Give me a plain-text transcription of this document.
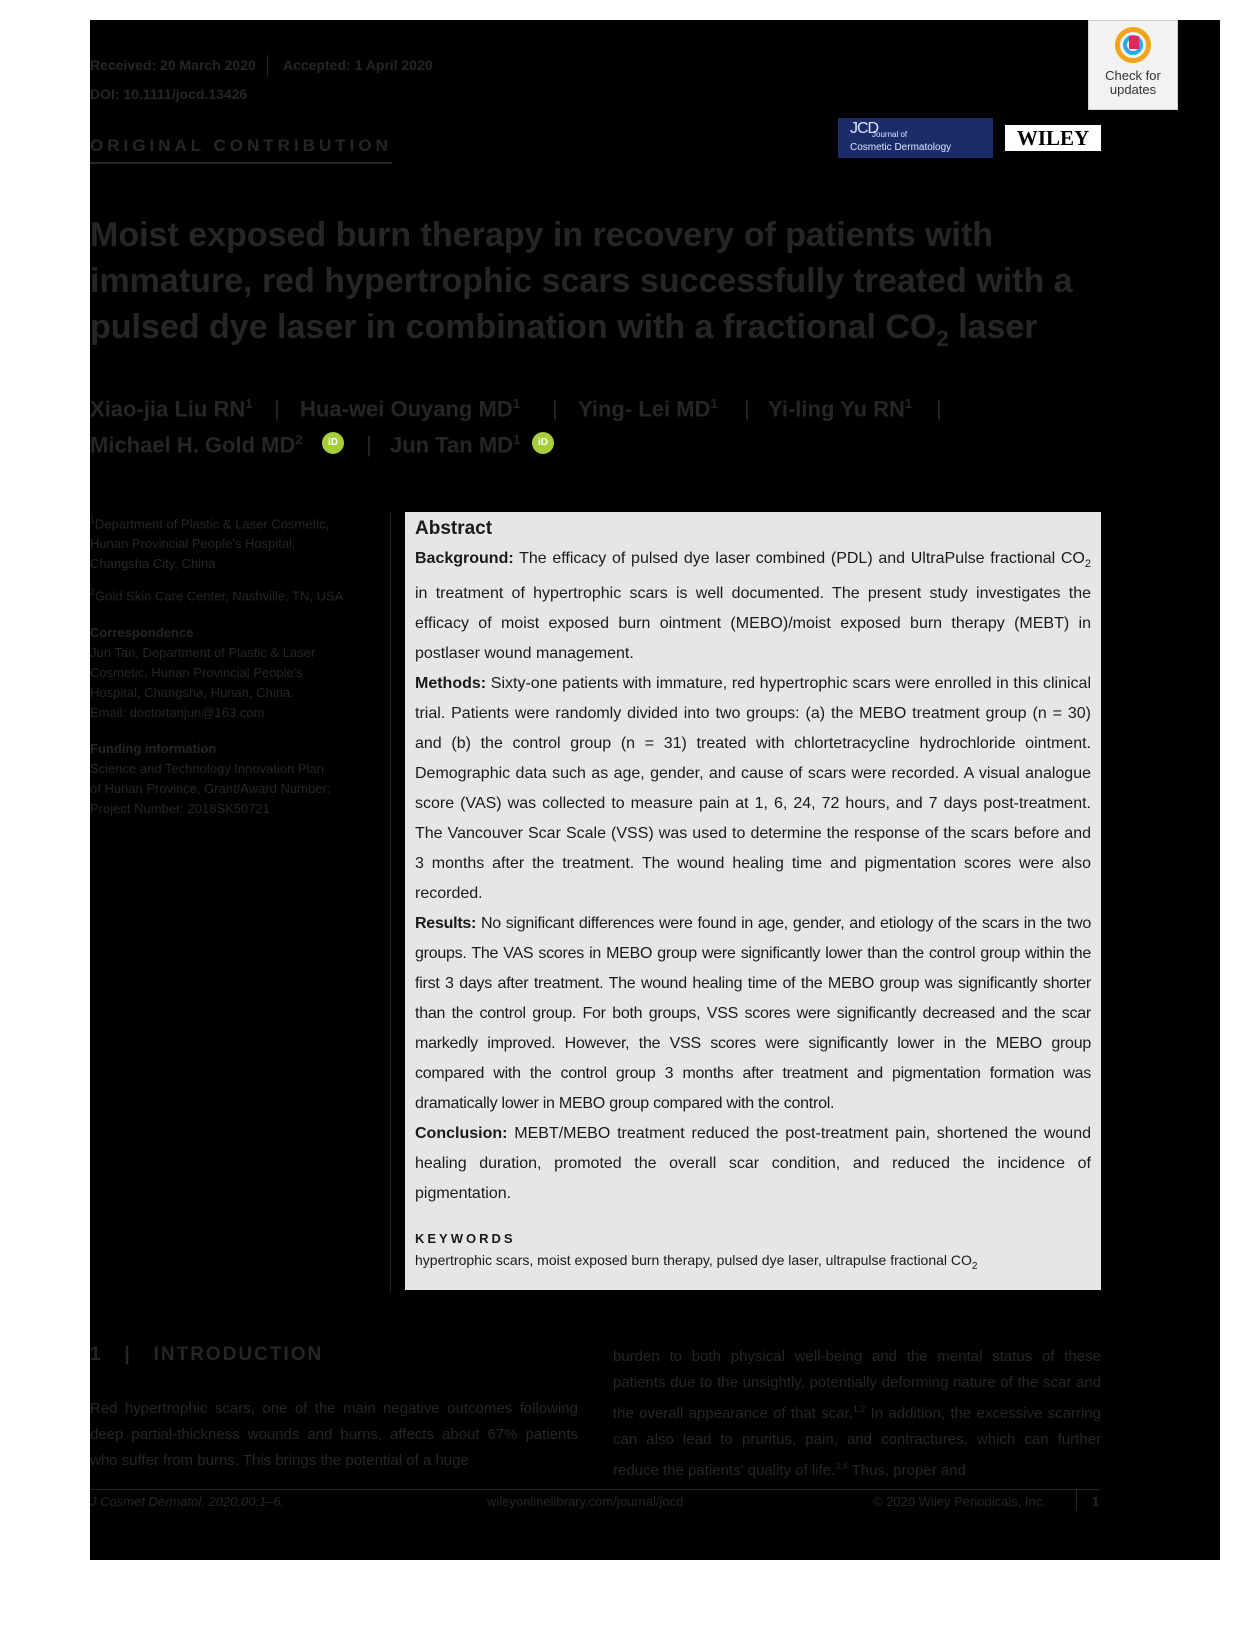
Received: 20 March 2020 Accepted: 1 April 2020
DOI: 10.1111/jocd.13426
Check for
updates
JCD
Journal of
Cosmetic Dermatology	WILEY
ORIGINAL CONTRIBUTION
Moist exposed burn therapy in recovery of patients with
immature, red hypertrophic scars successfully treated with a
pulsed dye laser in combination with a fractional $CO_2$ laser
Xiao-jia Liu $RN^1$ | Hua-wei Ouyang $MD^1$ | Ying- Lei $MD^1$ | Yi-ling Yu $RN^1$ |
Michael H. Gold $MD^2$	iD | Jun Tan $MD^1$	iD

$^1$Department of Plastic & Laser Cosmetic,

Hunan Provincial People's Hospital,

Changsha City, China

$^2$Gold Skin Care Center, Nashville, TN, USA

Correspondence

Jun Tan, Department of Plastic & Laser

Cosmetic, Hunan Provincial People's

Hospital, Changsha, Hunan, China.

Email: doctortanjun@163.com

Funding information

Science and Technology Innovation Plan

of Hunan Province, Grant/Award Number:

Project Number: 2018SK50721

Abstract

Background: The efficacy of pulsed dye laser combined (PDL) and UltraPulse fractional $CO_2$ in treatment of hypertrophic scars is well documented. The present study investigates the efficacy of moist exposed burn ointment (MEBO)/moist exposed burn therapy (MEBT) in postlaser wound management.

Methods: Sixty-one patients with immature, red hypertrophic scars were enrolled in this clinical trial. Patients were randomly divided into two groups: (a) the MEBO treatment group (n = 30) and (b) the control group (n = 31) treated with chlortetracycline hydrochloride ointment. Demographic data such as age, gender, and cause of scars were recorded. A visual analogue score (VAS) was collected to measure pain at 1, 6, 24, 72 hours, and 7 days post-treatment. The Vancouver Scar Scale (VSS) was used to determine the response of the scars before and 3 months after the treatment. The wound healing time and pigmentation scores were also recorded.

Results: No significant differences were found in age, gender, and etiology of the scars in the two groups. The VAS scores in MEBO group were significantly lower than the control group within the first 3 days after treatment. The wound healing time of the MEBO group was significantly shorter than the control group. For both groups, VSS scores were significantly decreased and the scar markedly improved. However, the VSS scores were significantly lower in the MEBO group compared with the control group 3 months after treatment and pigmentation formation was dramatically lower in MEBO group compared with the control.

Conclusion: MEBT/MEBO treatment reduced the post-treatment pain, shortened the wound healing duration, promoted the overall scar condition, and reduced the incidence of pigmentation.

KEYWORDS
hypertrophic scars, moist exposed burn therapy, pulsed dye laser, ultrapulse fractional $CO_2$
1 | INTRODUCTION

Red hypertrophic scars, one of the main negative outcomes following deep partial-thickness wounds and burns, affects about 67% patients who suffer from burns. This brings the potential of a huge

burden to both physical well-being and the mental status of these patients due to the unsightly, potentially deforming nature of the scar and the overall appearance of that scar.$^{1,2}$ In addition, the excessive scarring can also lead to pruritus, pain, and contractures, which can further reduce the patients' quality of life.$^{3,4}$ Thus, proper and

J Cosmet Dermatol. 2020;00:1–6.	wileyonlinelibrary.com/journal/jocd	© 2020 Wiley Periodicals, Inc.	1
